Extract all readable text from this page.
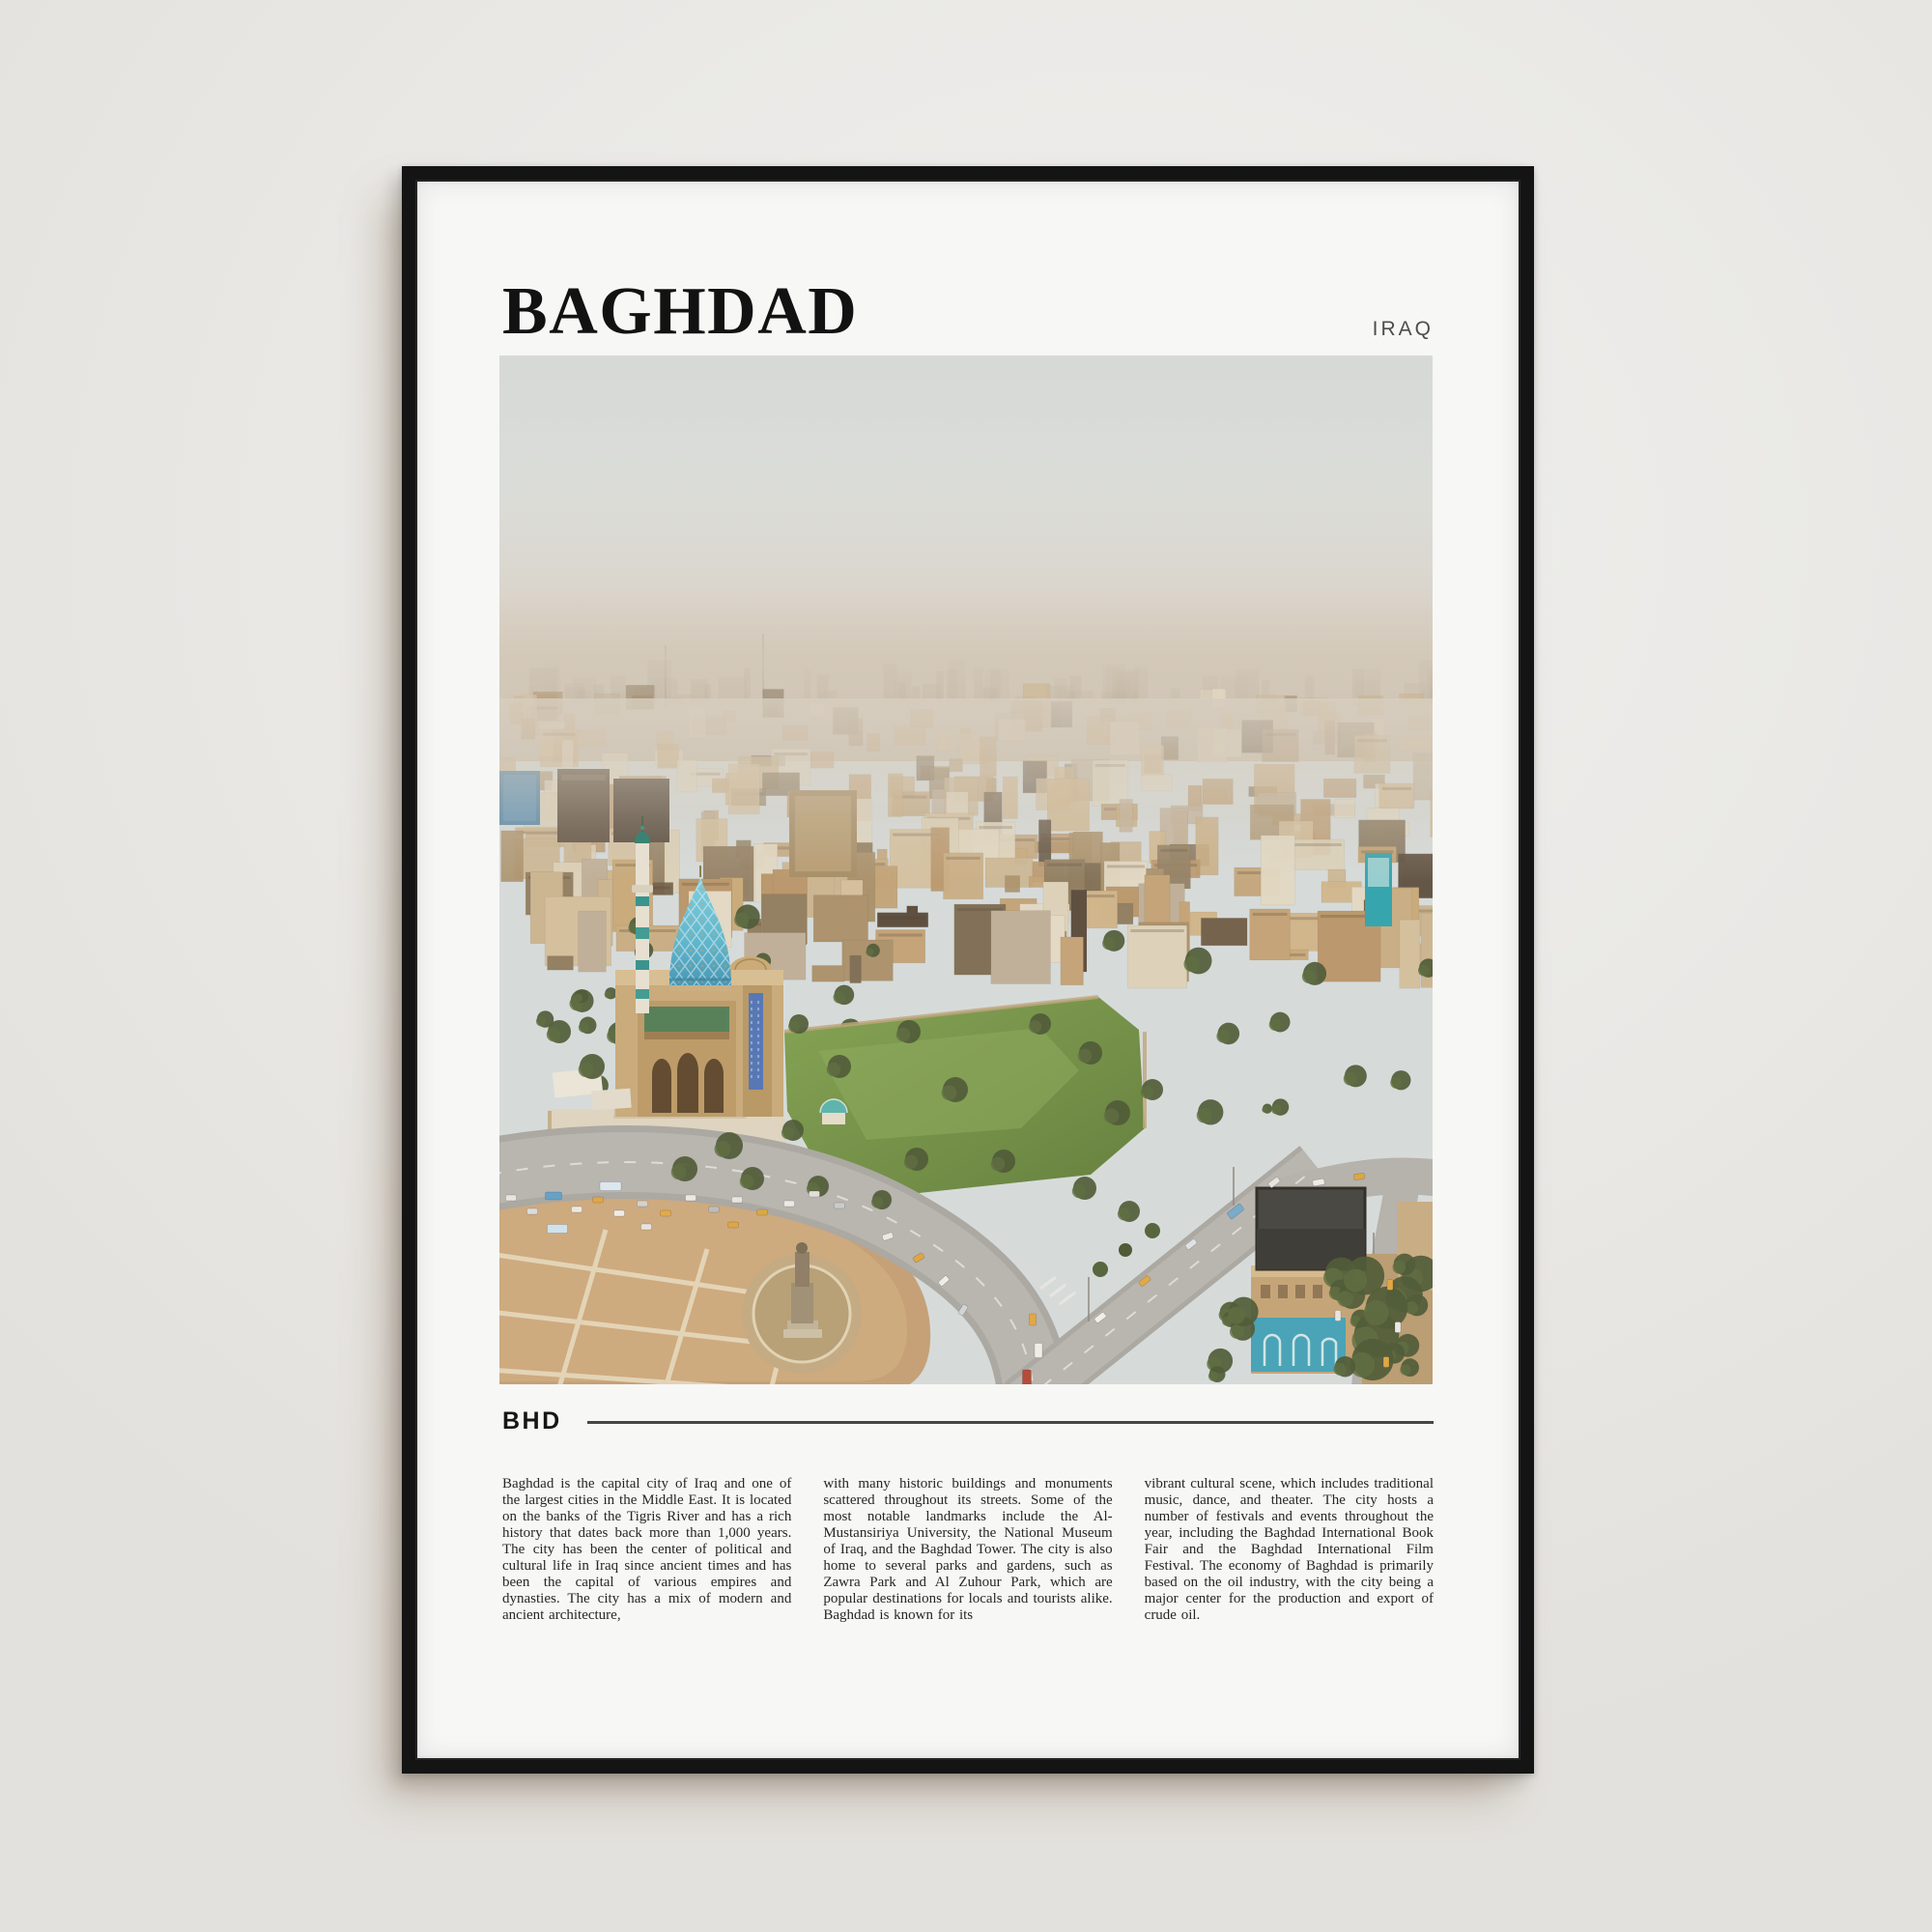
BAGHDAD	IRAQ
BHD
Baghdad is the capital city of Iraq and one of the largest cities in the Middle East. It is located on the banks of the Tigris River and has a rich history that dates back more than 1,000 years. The city has been the center of political and cultural life in Iraq since ancient times and has been the capital of various empires and dynasties. The city has a mix of modern and ancient architecture,
with many historic buildings and monuments scattered throughout its streets. Some of the most notable landmarks include the Al-Mustansiriya University, the National Museum of Iraq, and the Baghdad Tower. The city is also home to several parks and gardens, such as Zawra Park and Al Zuhour Park, which are popular destinations for locals and tourists alike. Baghdad is known for its
vibrant cultural scene, which includes traditional music, dance, and theater. The city hosts a number of festivals and events throughout the year, including the Baghdad International Book Fair and the Baghdad International Film Festival. The economy of Baghdad is primarily based on the oil industry, with the city being a major center for the production and export of crude oil.
